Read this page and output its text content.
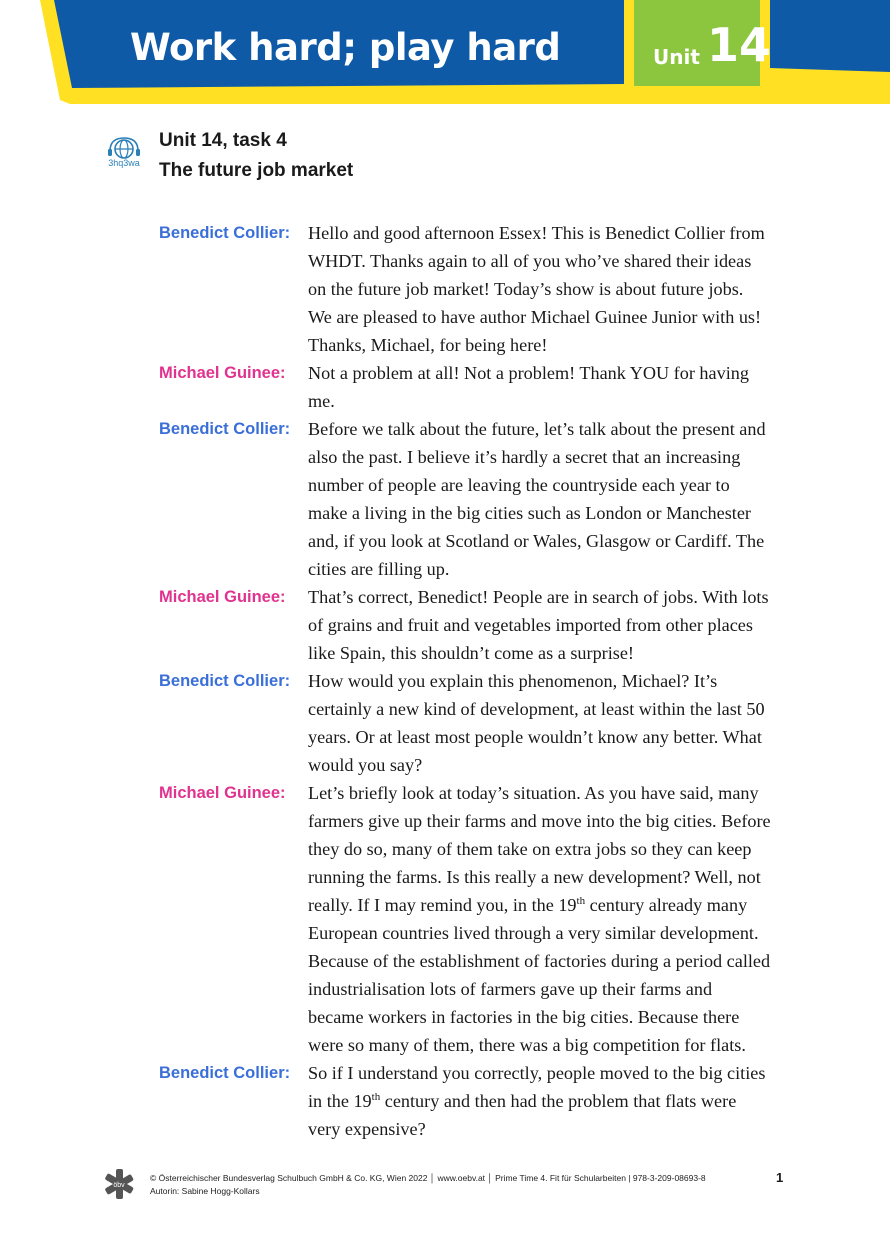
Work hard; play hard	Unit 14
3hq3wa
Unit 14, task 4
The future job market
Benedict Collier: Hello and good afternoon Essex! This is Benedict Collier from
WHDT. Thanks again to all of you who’ve shared their ideas
on the future job market! Today’s show is about future jobs.
We are pleased to have author Michael Guinee Junior with us!
Thanks, Michael, for being here!
Michael Guinee:	Not a problem at all! Not a problem! Thank YOU for having
me.
Benedict Collier: Before we talk about the future, let’s talk about the present and
also the past. I believe it’s hardly a secret that an increasing
number of people are leaving the countryside each year to
make a living in the big cities such as London or Manchester
and, if you look at Scotland or Wales, Glasgow or Cardiff. The
cities are filling up.
Michael Guinee:	That’s correct, Benedict! People are in search of jobs. With lots
of grains and fruit and vegetables imported from other places
like Spain, this shouldn’t come as a surprise!
Benedict Collier: How would you explain this phenomenon, Michael? It’s
certainly a new kind of development, at least within the last 50
years. Or at least most people wouldn’t know any better. What
would you say?
Michael Guinee:	Let’s briefly look at today’s situation. As you have said, many
farmers give up their farms and move into the big cities. Before
they do so, many of them take on extra jobs so they can keep
running the farms. Is this really a new development? Well, not
really. If I may remind you, in the 19th century already many
European countries lived through a very similar development.
Because of the establishment of factories during a period called
industrialisation lots of farmers gave up their farms and
became workers in factories in the big cities. Because there
were so many of them, there was a big competition for flats.
Benedict Collier: So if I understand you correctly, people moved to the big cities
in the 19th century and then had the problem that flats were
very expensive?
öbv
© Österreichischer Bundesverlag Schulbuch GmbH & Co. KG, Wien 2022 │ www.oebv.at │ Prime Time 4. Fit für Schularbeiten | 978-3-209-08693-8
Autorin: Sabine Hogg-Kollars
1
